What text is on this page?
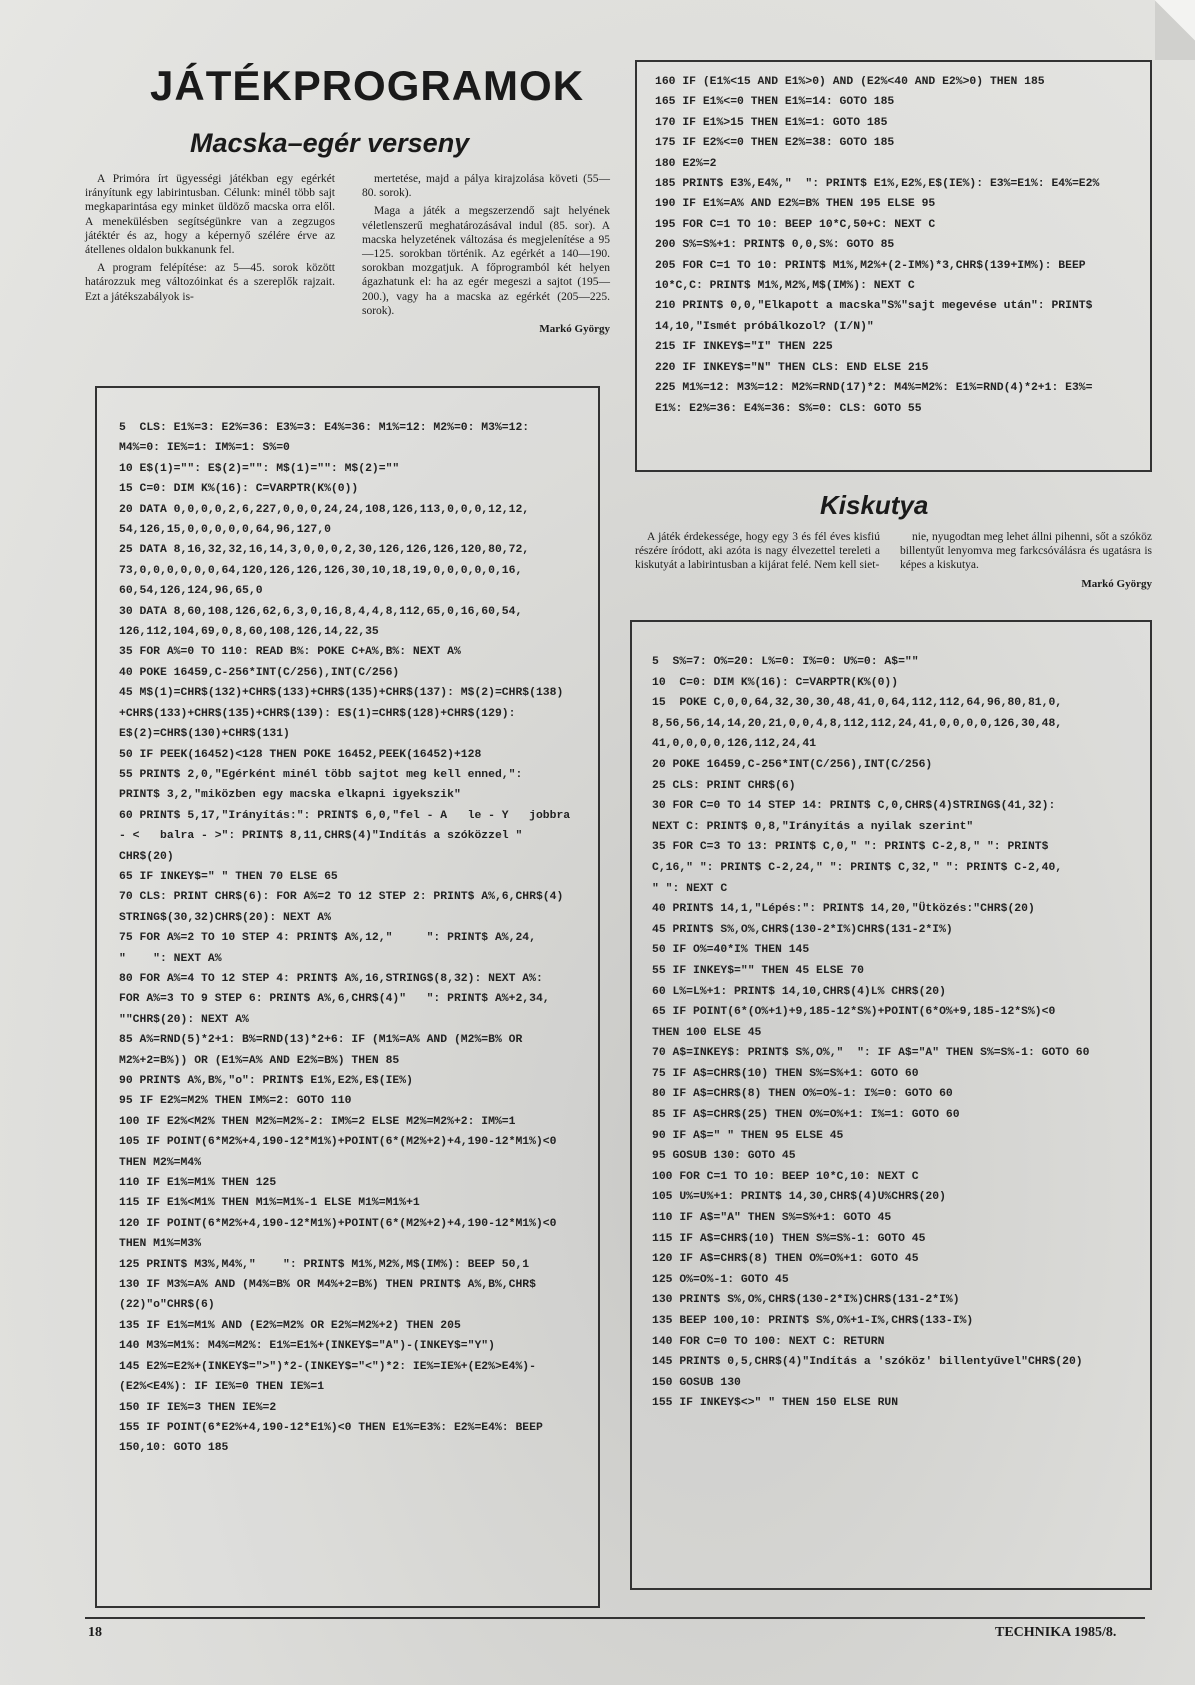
JÁTÉKPROGRAMOK
Macska–egér verseny

A Primóra írt ügyességi játékban egy egérkét irányítunk egy labirintusban. Célunk: minél több sajt megkaparintása egy minket üldöző macska orra elől. A menekülésben segítségünkre van a zegzugos játéktér és az, hogy a képernyő szélére érve az átellenes oldalon bukkanunk fel.

A program felépítése: az 5—45. sorok között határozzuk meg változóinkat és a szereplők rajzait. Ezt a játékszabályok is-

mertetése, majd a pálya kirajzolása követi (55—80. sorok).

Maga a játék a megszerzendő sajt helyének véletlenszerű meghatározásával indul (85. sor). A macska helyzetének változása és megjelenítése a 95—125. sorokban történik. Az egérkét a 140—190. sorokban mozgatjuk. A főprogramból két helyen ágazhatunk el: ha az egér megeszi a sajtot (195—200.), vagy ha a macska az egérkét (205—225. sorok).

Markó György

5  CLS: E1%=3: E2%=36: E3%=3: E4%=36: M1%=12: M2%=0: M3%=12:
M4%=0: IE%=1: IM%=1: S%=0
10 E$(1)="": E$(2)="": M$(1)="": M$(2)=""
15 C=0: DIM K%(16): C=VARPTR(K%(0))
20 DATA 0,0,0,0,2,6,227,0,0,0,24,24,108,126,113,0,0,0,12,12,
54,126,15,0,0,0,0,0,64,96,127,0
25 DATA 8,16,32,32,16,14,3,0,0,0,2,30,126,126,126,120,80,72,
73,0,0,0,0,0,0,64,120,126,126,126,30,10,18,19,0,0,0,0,0,16,
60,54,126,124,96,65,0
30 DATA 8,60,108,126,62,6,3,0,16,8,4,4,8,112,65,0,16,60,54,
126,112,104,69,0,8,60,108,126,14,22,35
35 FOR A%=0 TO 110: READ B%: POKE C+A%,B%: NEXT A%
40 POKE 16459,C-256*INT(C/256),INT(C/256)
45 M$(1)=CHR$(132)+CHR$(133)+CHR$(135)+CHR$(137): M$(2)=CHR$(138)
+CHR$(133)+CHR$(135)+CHR$(139): E$(1)=CHR$(128)+CHR$(129):
E$(2)=CHR$(130)+CHR$(131)
50 IF PEEK(16452)<128 THEN POKE 16452,PEEK(16452)+128
55 PRINT$ 2,0,"Egérként minél több sajtot meg kell enned,":
PRINT$ 3,2,"miközben egy macska elkapni igyekszik"
60 PRINT$ 5,17,"Irányítás:": PRINT$ 6,0,"fel - A   le - Y   jobbra
- <   balra - >": PRINT$ 8,11,CHR$(4)"Indítás a szóközzel "
CHR$(20)
65 IF INKEY$=" " THEN 70 ELSE 65
70 CLS: PRINT CHR$(6): FOR A%=2 TO 12 STEP 2: PRINT$ A%,6,CHR$(4)
STRING$(30,32)CHR$(20): NEXT A%
75 FOR A%=2 TO 10 STEP 4: PRINT$ A%,12,"     ": PRINT$ A%,24,
"    ": NEXT A%
80 FOR A%=4 TO 12 STEP 4: PRINT$ A%,16,STRING$(8,32): NEXT A%:
FOR A%=3 TO 9 STEP 6: PRINT$ A%,6,CHR$(4)"   ": PRINT$ A%+2,34,
""CHR$(20): NEXT A%
85 A%=RND(5)*2+1: B%=RND(13)*2+6: IF (M1%=A% AND (M2%=B% OR
M2%+2=B%)) OR (E1%=A% AND E2%=B%) THEN 85
90 PRINT$ A%,B%,"o": PRINT$ E1%,E2%,E$(IE%)
95 IF E2%=M2% THEN IM%=2: GOTO 110
100 IF E2%<M2% THEN M2%=M2%-2: IM%=2 ELSE M2%=M2%+2: IM%=1
105 IF POINT(6*M2%+4,190-12*M1%)+POINT(6*(M2%+2)+4,190-12*M1%)<0
THEN M2%=M4%
110 IF E1%=M1% THEN 125
115 IF E1%<M1% THEN M1%=M1%-1 ELSE M1%=M1%+1
120 IF POINT(6*M2%+4,190-12*M1%)+POINT(6*(M2%+2)+4,190-12*M1%)<0
THEN M1%=M3%
125 PRINT$ M3%,M4%,"    ": PRINT$ M1%,M2%,M$(IM%): BEEP 50,1
130 IF M3%=A% AND (M4%=B% OR M4%+2=B%) THEN PRINT$ A%,B%,CHR$
(22)"o"CHR$(6)
135 IF E1%=M1% AND (E2%=M2% OR E2%=M2%+2) THEN 205
140 M3%=M1%: M4%=M2%: E1%=E1%+(INKEY$="A")-(INKEY$="Y")
145 E2%=E2%+(INKEY$=">")*2-(INKEY$="<")*2: IE%=IE%+(E2%>E4%)-
(E2%<E4%): IF IE%=0 THEN IE%=1
150 IF IE%=3 THEN IE%=2
155 IF POINT(6*E2%+4,190-12*E1%)<0 THEN E1%=E3%: E2%=E4%: BEEP
150,10: GOTO 185
160 IF (E1%<15 AND E1%>0) AND (E2%<40 AND E2%>0) THEN 185
165 IF E1%<=0 THEN E1%=14: GOTO 185
170 IF E1%>15 THEN E1%=1: GOTO 185
175 IF E2%<=0 THEN E2%=38: GOTO 185
180 E2%=2
185 PRINT$ E3%,E4%,"  ": PRINT$ E1%,E2%,E$(IE%): E3%=E1%: E4%=E2%
190 IF E1%=A% AND E2%=B% THEN 195 ELSE 95
195 FOR C=1 TO 10: BEEP 10*C,50+C: NEXT C
200 S%=S%+1: PRINT$ 0,0,S%: GOTO 85
205 FOR C=1 TO 10: PRINT$ M1%,M2%+(2-IM%)*3,CHR$(139+IM%): BEEP
10*C,C: PRINT$ M1%,M2%,M$(IM%): NEXT C
210 PRINT$ 0,0,"Elkapott a macska"S%"sajt megevése után": PRINT$
14,10,"Ismét próbálkozol? (I/N)"
215 IF INKEY$="I" THEN 225
220 IF INKEY$="N" THEN CLS: END ELSE 215
225 M1%=12: M3%=12: M2%=RND(17)*2: M4%=M2%: E1%=RND(4)*2+1: E3%=
E1%: E2%=36: E4%=36: S%=0: CLS: GOTO 55
Kiskutya

A játék érdekessége, hogy egy 3 és fél éves kisfiú részére íródott, aki azóta is nagy élvezettel tereleti a kiskutyát a labirintusban a kijárat felé. Nem kell siet-

nie, nyugodtan meg lehet állni pihenni, sőt a szóköz billentyűt lenyomva meg farkcsóválásra és ugatásra is képes a kiskutya.

Markó György

5  S%=7: O%=20: L%=0: I%=0: U%=0: A$=""
10  C=0: DIM K%(16): C=VARPTR(K%(0))
15  POKE C,0,0,64,32,30,30,48,41,0,64,112,112,64,96,80,81,0,
8,56,56,14,14,20,21,0,0,4,8,112,112,24,41,0,0,0,0,126,30,48,
41,0,0,0,0,126,112,24,41
20 POKE 16459,C-256*INT(C/256),INT(C/256)
25 CLS: PRINT CHR$(6)
30 FOR C=0 TO 14 STEP 14: PRINT$ C,0,CHR$(4)STRING$(41,32):
NEXT C: PRINT$ 0,8,"Irányítás a nyilak szerint"
35 FOR C=3 TO 13: PRINT$ C,0," ": PRINT$ C-2,8," ": PRINT$
C,16," ": PRINT$ C-2,24," ": PRINT$ C,32," ": PRINT$ C-2,40,
" ": NEXT C
40 PRINT$ 14,1,"Lépés:": PRINT$ 14,20,"Ütközés:"CHR$(20)
45 PRINT$ S%,O%,CHR$(130-2*I%)CHR$(131-2*I%)
50 IF O%=40*I% THEN 145
55 IF INKEY$="" THEN 45 ELSE 70
60 L%=L%+1: PRINT$ 14,10,CHR$(4)L% CHR$(20)
65 IF POINT(6*(O%+1)+9,185-12*S%)+POINT(6*O%+9,185-12*S%)<0
THEN 100 ELSE 45
70 A$=INKEY$: PRINT$ S%,O%,"  ": IF A$="A" THEN S%=S%-1: GOTO 60
75 IF A$=CHR$(10) THEN S%=S%+1: GOTO 60
80 IF A$=CHR$(8) THEN O%=O%-1: I%=0: GOTO 60
85 IF A$=CHR$(25) THEN O%=O%+1: I%=1: GOTO 60
90 IF A$=" " THEN 95 ELSE 45
95 GOSUB 130: GOTO 45
100 FOR C=1 TO 10: BEEP 10*C,10: NEXT C
105 U%=U%+1: PRINT$ 14,30,CHR$(4)U%CHR$(20)
110 IF A$="A" THEN S%=S%+1: GOTO 45
115 IF A$=CHR$(10) THEN S%=S%-1: GOTO 45
120 IF A$=CHR$(8) THEN O%=O%+1: GOTO 45
125 O%=O%-1: GOTO 45
130 PRINT$ S%,O%,CHR$(130-2*I%)CHR$(131-2*I%)
135 BEEP 100,10: PRINT$ S%,O%+1-I%,CHR$(133-I%)
140 FOR C=0 TO 100: NEXT C: RETURN
145 PRINT$ 0,5,CHR$(4)"Indítás a 'szóköz' billentyűvel"CHR$(20)
150 GOSUB 130
155 IF INKEY$<>" " THEN 150 ELSE RUN
18	TECHNIKA 1985/8.
